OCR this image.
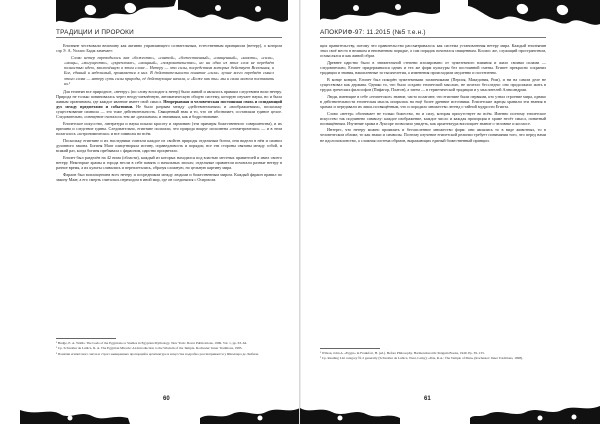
ТРАДИЦИИ И ПРОРОКИ

Египтяне чествовали величину как активно управляющего сознательным, естественным принципом (нетеру), о котором сэр Э. А. Уоллис Бадж замечает:

Слово нетер переводилось как «божество», «святой», «божественный», «священный», «власть», «сила», «мощь», «могущество», «укрепление», «мощный», «покровительство», но ни одно из этих слов не передаёт полностью идею, заключённую в этом слове… Нетеру — это силы, посредством которых действует Вселенная, и Бог, единый и неделимый, проявляется в них. В действительности понятие «сила» лучше всего передаёт смысл этого слова — нетеру суть силы природы, её действующие начала, и «Боже как ты» мы и сами можем поставить их.¹

Для египтян все природное, «нетеру» (по слову восходит к нетер) было живой и являлось прямым следствием воли нетеру. Природа не только повиновалась через неоду-шевлённую, автоматическую общую систему, которую изучает наука, но и была живым организмом, где каждое явление имеет свой смысл. Непрерывная и человеческая постоянная связь и созидающий дух между предметами и событиями. Не было разрыва между «действительным» и «воображаемым», поскольку существование символа — это тоже действительность. Священный знак и то, что он обозначает, составляли единое целое. Следовательно, освещение считалось тем же «реальным» и значимым, как и бодрствование.

Египетское искусство, литература и наука искали красоту и гармонию (эти примеры божественного совершенства), и их причина и следствие едины. Следовательно, египтяне полагали, что природа вокруг исполнена «геометрически» — и в этом полагалось «астрономически» и все символы во всём.

Поскольку египтяне и их наследники считали каждое из свойств природы отдельным богом, они видели в нём и символ духовного закона. Богиня Маат олицетворяла истину, справедливость и порядок; все эти стороны связаны между собой, и всякий раз, когда богиня пребывала с фараоном, царство процветало.

Египет был разделён на 42 нома (области), каждый из которых находился под властью местных правителей и имел своего нетеру. Некоторые храмы и города несли в себе память о начальных эпохах; отдельные правители почитали разные нетеру в разное время, а их культы сливались и переплетались, образуя сложную, но цельную картину мира.

Фараон был воплощением всех нетеру и посредником между людьми и божественным миром. Каждый фараон правил по закону Маат, а его смерть считалась переходом в иной мир, где он соединялся с Осирисом.

¹ Budge, E. A. Wallis. The Gods of the Egyptians or Studies in Egyptian Mythology. New York: Dover Publications, 1969. Vol. 1, pp. 63–64.

² Cp. Schwaller de Lubicz, R. A. The Egyptian Miracle: An Introduction to the Wisdom of the Temple. Rochester: Inner Traditions, 1985.

³ Понятие египетского числа и строго выверенных пропорций в архитектуре и искусстве подробно рассматривается у Шваллера де Любича.

60
АПОКРИФ-97: 11.2015 (№5 т.е.н.)

щих правительству, потому что правительство рассматривалось как система установленная нетеру мира. Каждый египтянин знал своё место в великом и неизменном порядке, а сам порядок почитался священным. Космос же, служащий пространством, осмыслялся и как живой образ.

Древнее царство было в значительной степени изолировано от чужеземного влияния и жило своими силами — следовательно, Египет придерживался одних и тех же форм культуры без постоянной смены. Египет прекрасно сохранил традиции и знания, накопленные за тысячелетия, а изменения происходили медленно и постепенно.

В конце концов, Египет был покорён чужеземными захватчиками (Персия, Македония, Рим), и ни на самом деле не существовал как держава. Однако то, что было создано египетской мыслью, не исчезло бесследно: оно продолжило жить в трудах греческих философов (Пифагор, Платон), а затем — в герметической традиции и у мыслителей Александрии.

Люди, имеющие в себе «египетское» знание, часто полагают, что египтяне были первыми, кто узнал строение мира, однако в действительности египетская мысль опиралась на ещё более древние источники. Египетские жрецы хранили эти знания в храмах и передавали их лишь посвящённым, что и породило множество легенд о тайной мудрости Египта.

Слово «нетер» обозначает не только божество, но и силу, которая присутствует во всём. Именно поэтому египетское искусство так подчинено символу: каждое изображение, каждое число и каждая пропорция в храме несёт смысл, понятный посвящённым. Изучение храма в Луксоре позволило увидеть, как архитектура воплощает знание о человеке и космосе.

Интерес, что нетеру можно проявлять и бесчисленное множество форм: они являлись то в виде животных, то в человеческом облике, то как знаки и символы. Поэтому изучение египетской религии требует понимания того, что перед нами не идолопоклонство, а сложная система образов, выражающих единый божественный принцип.

¹ Wilson, John A. «Egypt» in Frankfort, H. (ed.). Before Philosophy. Harmondsworth: Penguin Books, 1949. Pp. 39–133.

² Cp. Reading List category № 2 generally (Schwaller de Lubicz, West, Lamy); «Ibis, R.A.: The Temple of Man» (Rochester: Inner Traditions, 1998).

61
